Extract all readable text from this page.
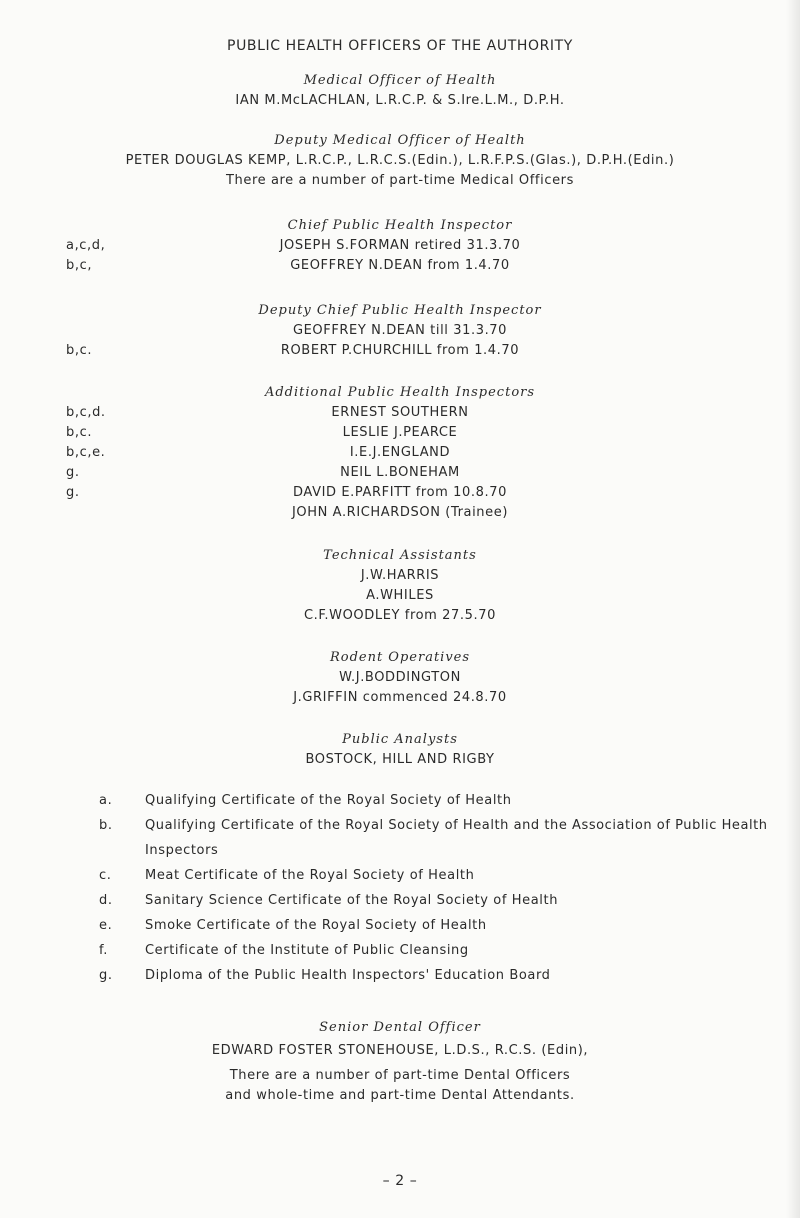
PUBLIC HEALTH OFFICERS OF THE AUTHORITY
Medical Officer of Health
IAN M.McLACHLAN, L.R.C.P. & S.Ire.L.M., D.P.H.
Deputy Medical Officer of Health
PETER DOUGLAS KEMP, L.R.C.P., L.R.C.S.(Edin.), L.R.F.P.S.(Glas.), D.P.H.(Edin.)
There are a number of part-time Medical Officers
Chief Public Health Inspector
a,c,d,	JOSEPH S.FORMAN retired 31.3.70
b,c,	GEOFFREY N.DEAN from 1.4.70
Deputy Chief Public Health Inspector
GEOFFREY N.DEAN till 31.3.70
b,c.	ROBERT P.CHURCHILL from 1.4.70
Additional Public Health Inspectors
b,c,d.	ERNEST SOUTHERN
b,c.	LESLIE J.PEARCE
b,c,e.	I.E.J.ENGLAND
g.	NEIL L.BONEHAM
g.	DAVID E.PARFITT from 10.8.70
JOHN A.RICHARDSON (Trainee)
Technical Assistants
J.W.HARRIS
A.WHILES
C.F.WOODLEY from 27.5.70
Rodent Operatives
W.J.BODDINGTON
J.GRIFFIN commenced 24.8.70
Public Analysts
BOSTOCK, HILL AND RIGBY
a.	Qualifying Certificate of the Royal Society of Health
b. Qualifying Certificate of the Royal Society of Health and the Association of Public Health
Inspectors
c.	Meat Certificate of the Royal Society of Health
d. Sanitary Science Certificate of the Royal Society of Health
e.	Smoke Certificate of the Royal Society of Health
f.	Certificate of the Institute of Public Cleansing
g. Diploma of the Public Health Inspectors' Education Board
Senior Dental Officer
EDWARD FOSTER STONEHOUSE, L.D.S., R.C.S. (Edin),
There are a number of part-time Dental Officers
and whole-time and part-time Dental Attendants.
– 2 –
